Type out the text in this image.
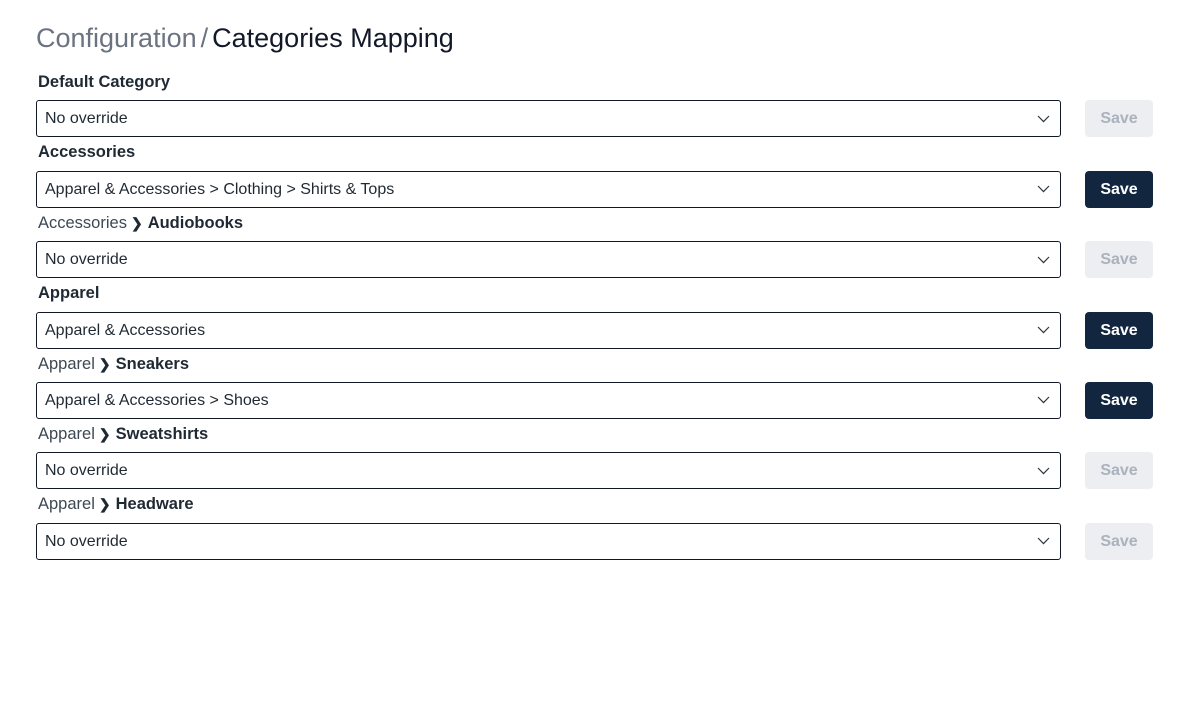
Configuration / Categories Mapping
Default Category
No override	Save
Accessories
Apparel & Accessories > Clothing > Shirts & Tops	Save
Accessories ❯ Audiobooks
No override	Save
Apparel
Apparel & Accessories	Save
Apparel ❯ Sneakers
Apparel & Accessories > Shoes	Save
Apparel ❯ Sweatshirts
No override	Save
Apparel ❯ Headware
No override	Save
